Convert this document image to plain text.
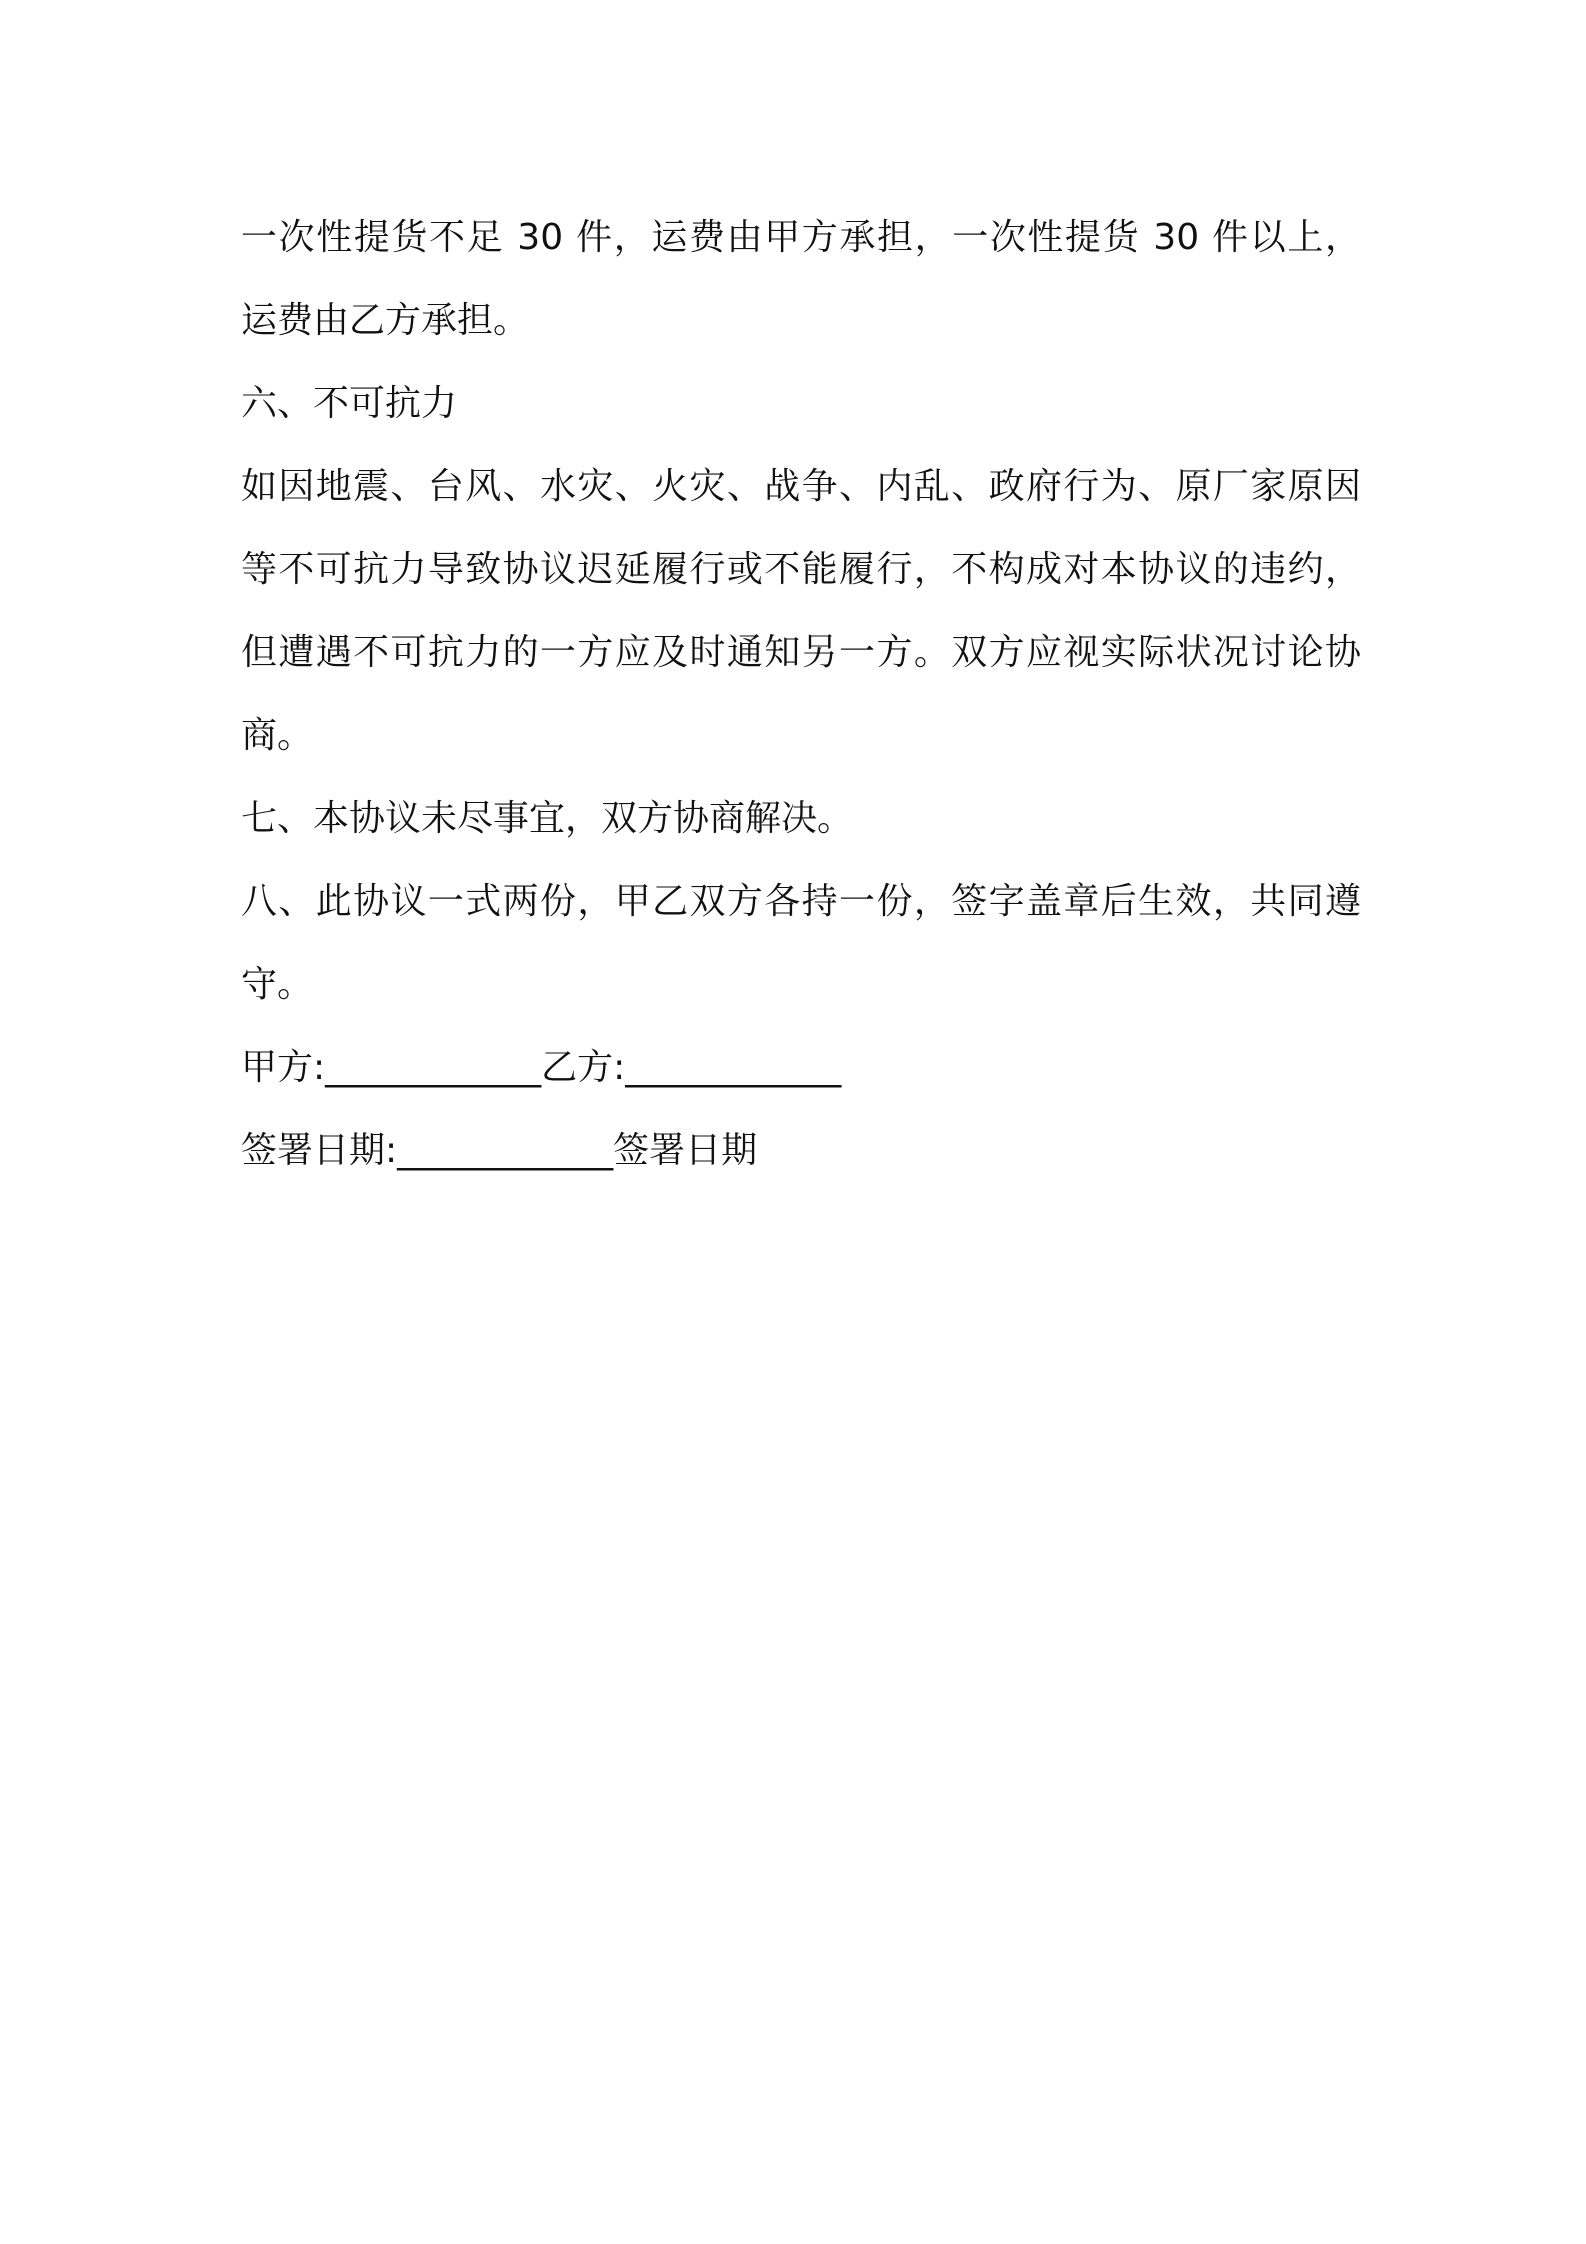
一次性提货不足 30 件，运费由甲方承担，一次性提货 30 件以上，

运费由乙方承担。

六、不可抗力

如因地震、台风、水灾、火灾、战争、内乱、政府行为、原厂家原因

等不可抗力导致协议迟延履行或不能履行，不构成对本协议的违约，

但遭遇不可抗力的一方应及时通知另一方。双方应视实际状况讨论协

商。

七、本协议未尽事宜，双方协商解决。

八、此协议一式两份，甲乙双方各持一份，签字盖章后生效，共同遵

守。

甲方:____________乙方:____________

签署日期:____________签署日期
